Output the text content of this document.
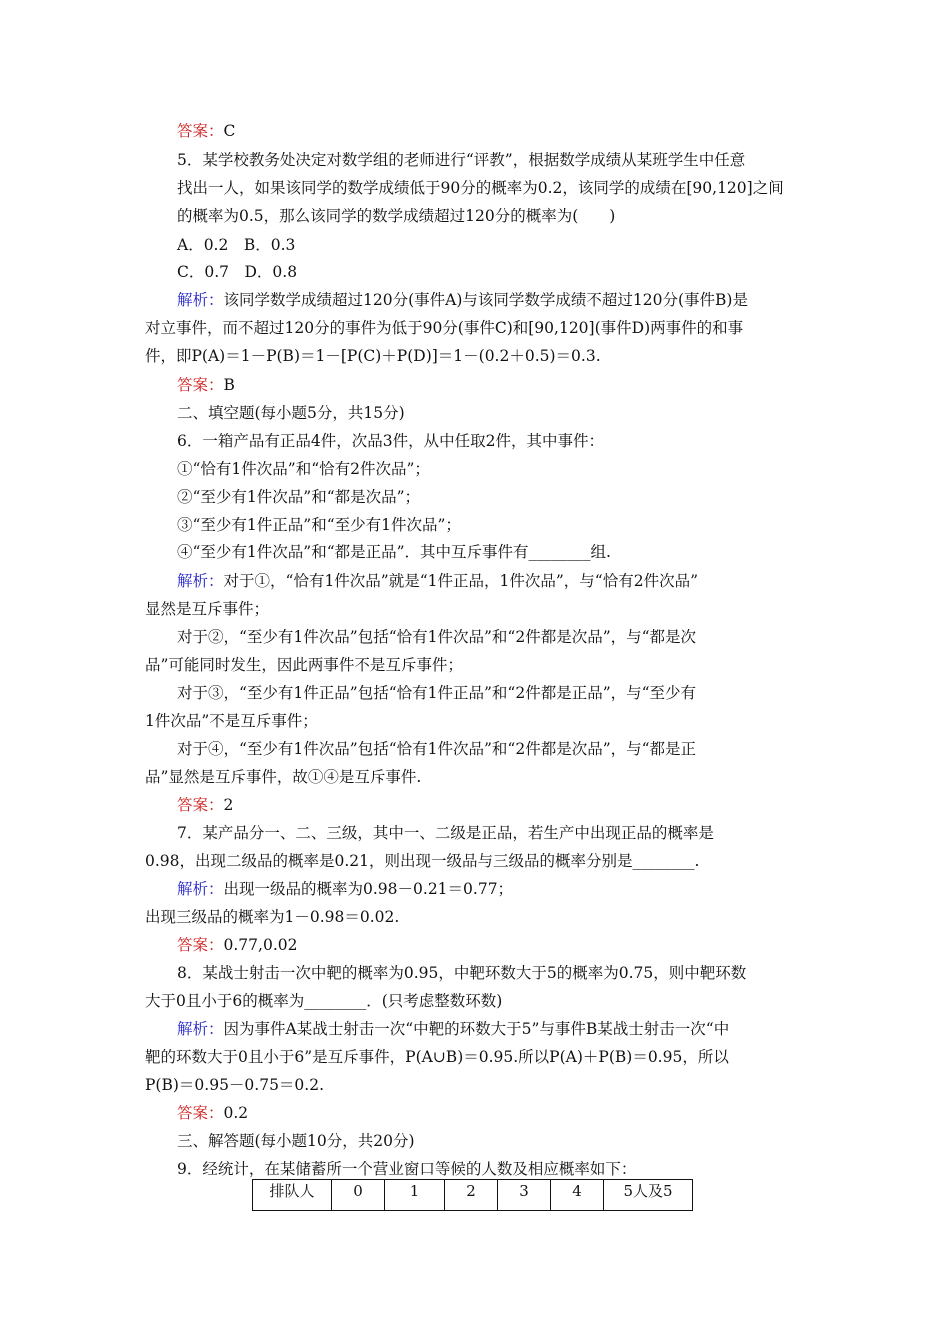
答案：C
5．某学校教务处决定对数学组的老师进行“评教”，根据数学成绩从某班学生中任意
找出一人，如果该同学的数学成绩低于90分的概率为0.2，该同学的成绩在[90,120]之间
的概率为0.5，那么该同学的数学成绩超过120分的概率为(　　)
A．0.2　B．0.3
C．0.7　D．0.8
解析：该同学数学成绩超过120分(事件A)与该同学数学成绩不超过120分(事件B)是
对立事件，而不超过120分的事件为低于90分(事件C)和[90,120](事件D)两事件的和事
件，即P(A)＝1－P(B)＝1－[P(C)＋P(D)]＝1－(0.2＋0.5)＝0.3.
答案：B
二、填空题(每小题5分，共15分)
6．一箱产品有正品4件，次品3件，从中任取2件，其中事件：
①“恰有1件次品”和“恰有2件次品”；
②“至少有1件次品”和“都是次品”；
③“至少有1件正品”和“至少有1件次品”；
④“至少有1件次品”和“都是正品”．其中互斥事件有________组.
解析：对于①，“恰有1件次品”就是“1件正品，1件次品”，与“恰有2件次品”
显然是互斥事件；
对于②，“至少有1件次品”包括“恰有1件次品”和“2件都是次品”，与“都是次
品”可能同时发生，因此两事件不是互斥事件；
对于③，“至少有1件正品”包括“恰有1件正品”和“2件都是正品”，与“至少有
1件次品”不是互斥事件；
对于④，“至少有1件次品”包括“恰有1件次品”和“2件都是次品”，与“都是正
品”显然是互斥事件，故①④是互斥事件.
答案：2
7．某产品分一、二、三级，其中一、二级是正品，若生产中出现正品的概率是
0.98，出现二级品的概率是0.21，则出现一级品与三级品的概率分别是________.
解析：出现一级品的概率为0.98－0.21＝0.77；
出现三级品的概率为1－0.98＝0.02.
答案：0.77,0.02
8．某战士射击一次中靶的概率为0.95，中靶环数大于5的概率为0.75，则中靶环数
大于0且小于6的概率为________．(只考虑整数环数)
解析：因为事件A某战士射击一次“中靶的环数大于5”与事件B某战士射击一次“中
靶的环数大于0且小于6”是互斥事件，P(A∪B)＝0.95.所以P(A)＋P(B)＝0.95，所以
P(B)＝0.95－0.75＝0.2.
答案：0.2
三、解答题(每小题10分，共20分)
9．经统计，在某储蓄所一个营业窗口等候的人数及相应概率如下：
排队人	0	1	2	3	4	5人及5
